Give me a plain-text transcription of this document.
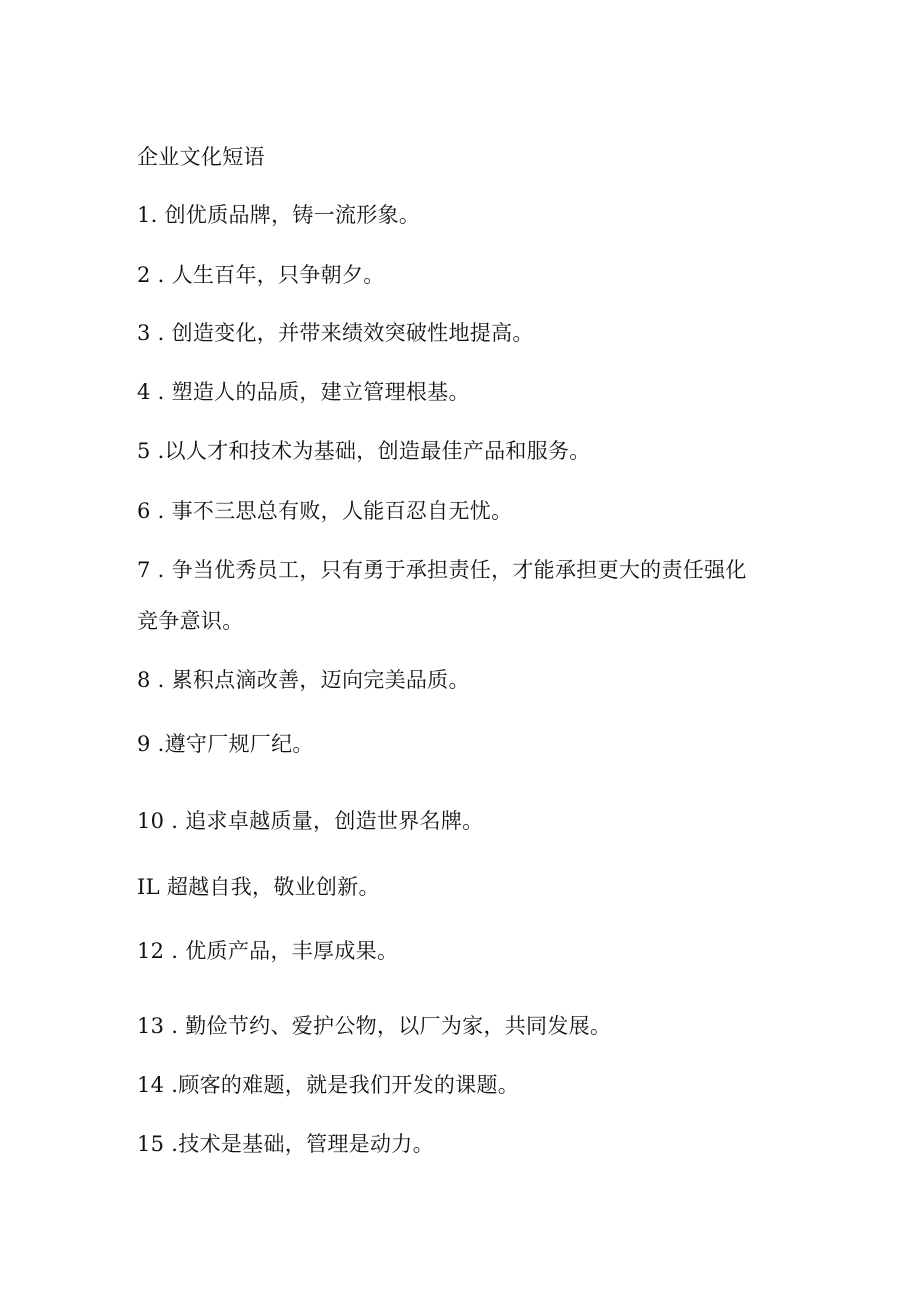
企业文化短语
1. 创优质品牌，铸一流形象。
2 . 人生百年，只争朝夕。
3 . 创造变化，并带来绩效突破性地提高。
4 . 塑造人的品质，建立管理根基。
5 .以人才和技术为基础，创造最佳产品和服务。
6 . 事不三思总有败，人能百忍自无忧。
7 . 争当优秀员工，只有勇于承担责任，才能承担更大的责任强化
竞争意识。
8 . 累积点滴改善，迈向完美品质。
9 .遵守厂规厂纪。
10 . 追求卓越质量，创造世界名牌。
IL 超越自我，敬业创新。
12 . 优质产品，丰厚成果。
13 . 勤俭节约、爱护公物，以厂为家，共同发展。
14 .顾客的难题，就是我们开发的课题。
15 .技术是基础，管理是动力。
